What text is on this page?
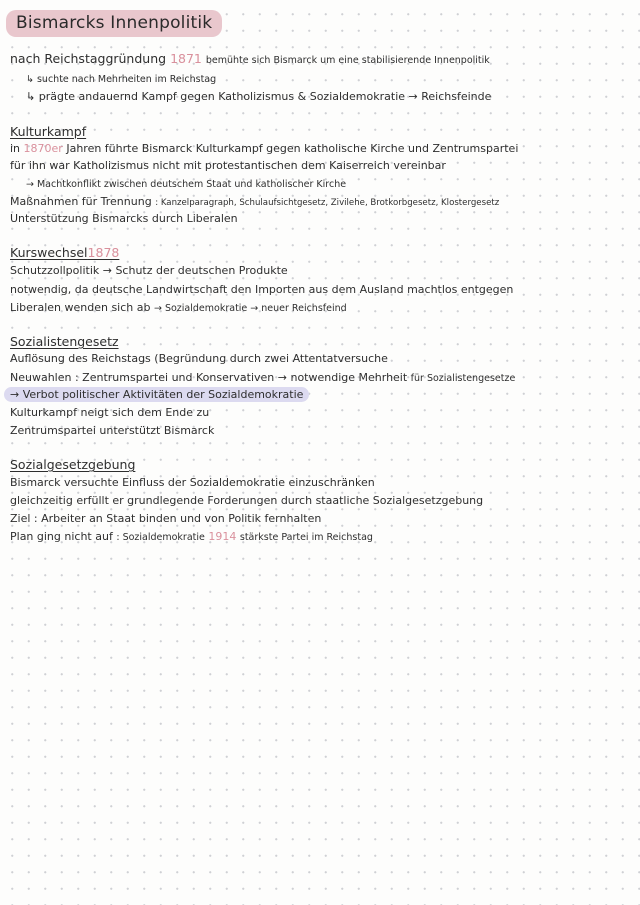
Bismarcks Innenpolitik
nach Reichstaggründung 1871 bemühte sich Bismarck um eine stabilisierende Innenpolitik
↳ suchte nach Mehrheiten im Reichstag
↳ prägte andauernd Kampf gegen Katholizismus & Sozialdemokratie → Reichsfeinde
Kulturkampf
in 1870er Jahren führte Bismarck Kulturkampf gegen katholische Kirche und Zentrumspartei
für ihn war Katholizismus nicht mit protestantischen dem Kaiserreich vereinbar
→ Machtkonflikt zwischen deutschem Staat und katholischer Kirche
Maßnahmen für Trennung : Kanzelparagraph, Schulaufsichtgesetz, Zivilehe, Brotkorbgesetz, Klostergesetz
Unterstützung Bismarcks durch Liberalen
Kurswechsel1878
Schutzzollpolitik → Schutz der deutschen Produkte
notwendig, da deutsche Landwirtschaft den Importen aus dem Ausland machtlos entgegen
Liberalen wenden sich ab → Sozialdemokratie → neuer Reichsfeind
Sozialistengesetz
Auflösung des Reichstags (Begründung durch zwei Attentatversuche
Neuwahlen : Zentrumspartei und Konservativen → notwendige Mehrheit für Sozialistengesetze
→ Verbot politischer Aktivitäten der Sozialdemokratie
Kulturkampf neigt sich dem Ende zu
Zentrumspartei unterstützt Bismarck
Sozialgesetzgebung
Bismarck versuchte Einfluss der Sozialdemokratie einzuschränken
gleichzeitig erfüllt er grundlegende Forderungen durch staatliche Sozialgesetzgebung
Ziel : Arbeiter an Staat binden und von Politik fernhalten
Plan ging nicht auf : Sozialdemokratie 1914 stärkste Partei im Reichstag
